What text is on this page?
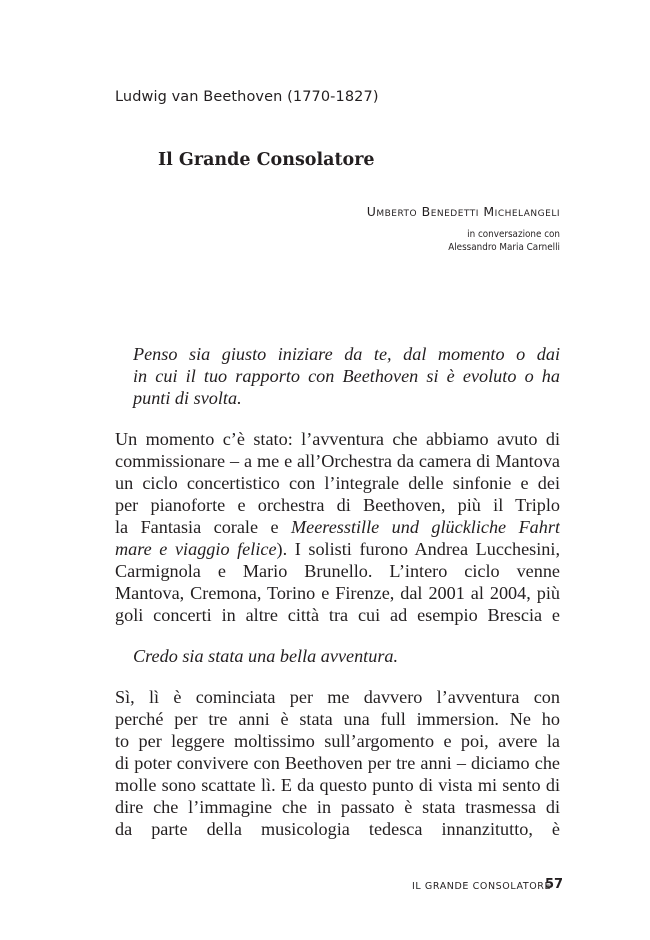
Ludwig van Beethoven (1770-1827)
Il Grande Consolatore
Umberto Benedetti Michelangeli
in conversazione con
Alessandro Maria Carnelli
Penso sia giusto iniziare da te, dal momento o dai
in cui il tuo rapporto con Beethoven si è evoluto o ha
punti di svolta.
Un momento c’è stato: l’avventura che abbiamo avuto di
commissionare – a me e all’Orchestra da camera di Mantova
un ciclo concertistico con l’integrale delle sinfonie e dei
per pianoforte e orchestra di Beethoven, più il Triplo
la Fantasia corale e Meeresstille und glückliche Fahrt
mare e viaggio felice). I solisti furono Andrea Lucchesini,
Carmignola e Mario Brunello. L’intero ciclo venne
Mantova, Cremona, Torino e Firenze, dal 2001 al 2004, più
goli concerti in altre città tra cui ad esempio Brescia e
Credo sia stata una bella avventura.
Sì, lì è cominciata per me davvero l’avventura con
perché per tre anni è stata una full immersion. Ne ho
to per leggere moltissimo sull’argomento e poi, avere la
di poter convivere con Beethoven per tre anni – diciamo che
molle sono scattate lì. E da questo punto di vista mi sento di
dire che l’immagine che in passato è stata trasmessa di
da parte della musicologia tedesca innanzitutto, è
IL GRANDE CONSOLATORE
57
